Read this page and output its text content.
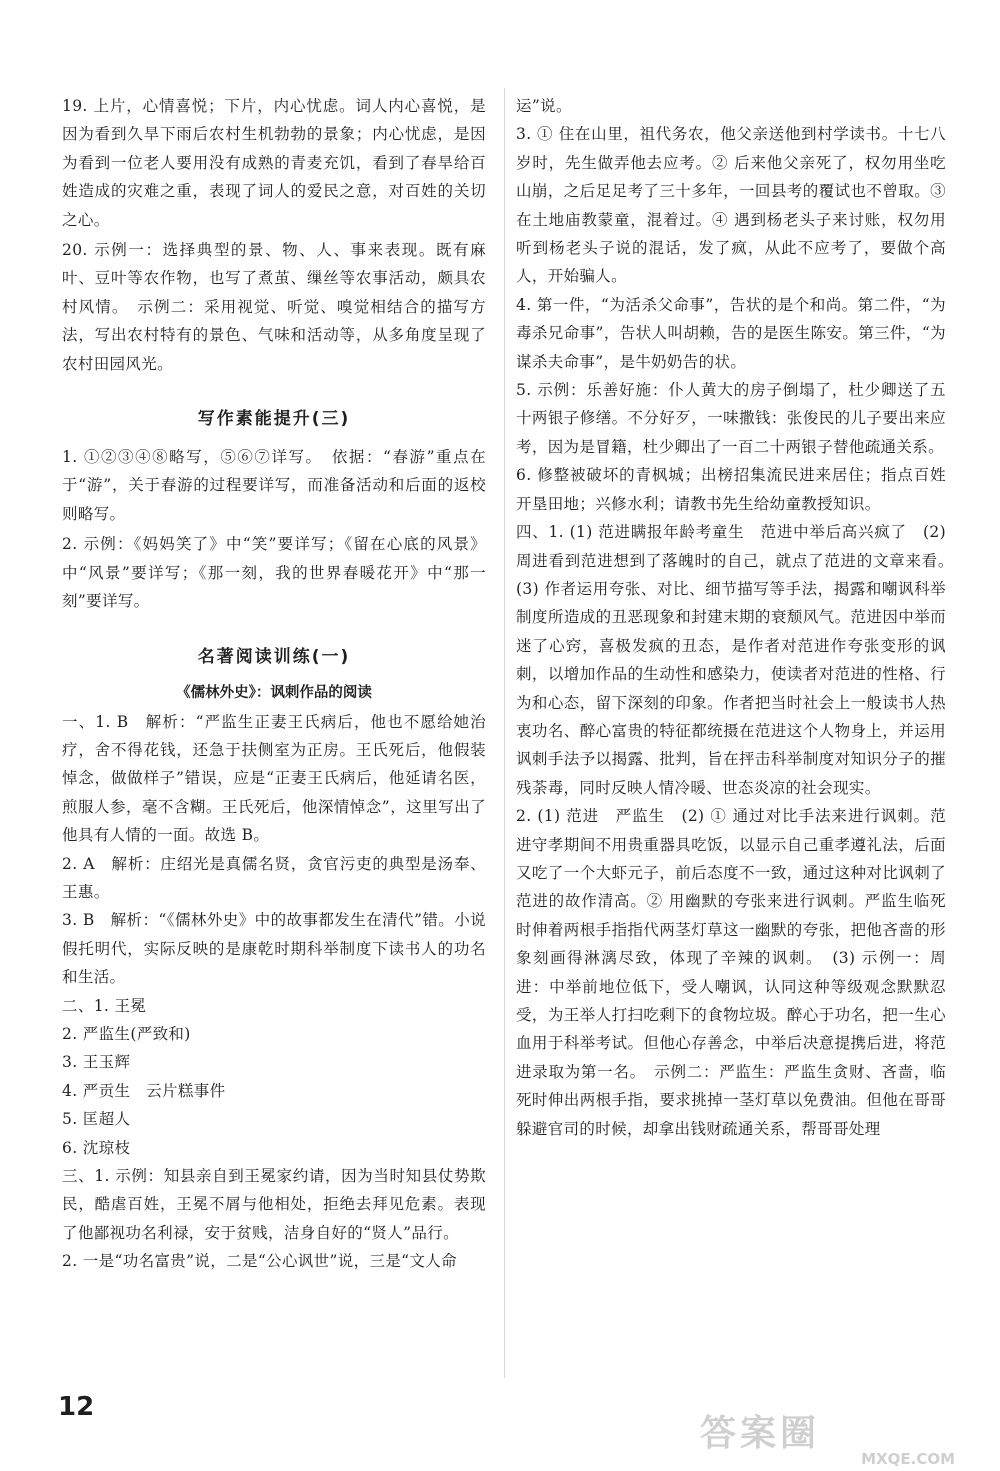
19. 上片，心情喜悦；下片，内心忧虑。词人内心喜悦，是因为看到久旱下雨后农村生机勃勃的景象；内心忧虑，是因为看到一位老人要用没有成熟的青麦充饥，看到了春旱给百姓造成的灾难之重，表现了词人的爱民之意，对百姓的关切之心。

20. 示例一：选择典型的景、物、人、事来表现。既有麻叶、豆叶等农作物，也写了煮茧、缫丝等农事活动，颇具农村风情。　示例二：采用视觉、听觉、嗅觉相结合的描写方法，写出农村特有的景色、气味和活动等，从多角度呈现了农村田园风光。

写作素能提升(三)

1. ①②③④⑧略写，⑤⑥⑦详写。　依据：“春游”重点在于“游”，关于春游的过程要详写，而准备活动和后面的返校则略写。

2. 示例：《妈妈笑了》中“笑”要详写；《留在心底的风景》中“风景”要详写；《那一刻，我的世界春暖花开》中“那一刻”要详写。

名著阅读训练(一)
《儒林外史》：讽刺作品的阅读

一、1. B　解析：“严监生正妻王氏病后，他也不愿给她治疗，舍不得花钱，还急于扶侧室为正房。王氏死后，他假装悼念，做做样子”错误，应是“正妻王氏病后，他延请名医，煎服人参，毫不含糊。王氏死后，他深情悼念”，这里写出了他具有人情的一面。故选 B。

2. A　解析：庄绍光是真儒名贤，贪官污吏的典型是汤奉、王惠。

3. B　解析：“《儒林外史》中的故事都发生在清代”错。小说假托明代，实际反映的是康乾时期科举制度下读书人的功名和生活。

二、1. 王冕

2. 严监生(严致和)

3. 王玉辉

4. 严贡生　云片糕事件

5. 匡超人

6. 沈琼枝

三、1. 示例：知县亲自到王冕家约请，因为当时知县仗势欺民，酷虐百姓，王冕不屑与他相处，拒绝去拜见危素。表现了他鄙视功名利禄，安于贫贱，洁身自好的“贤人”品行。

2. 一是“功名富贵”说，二是“公心讽世”说，三是“文人命

运”说。

3. ① 住在山里，祖代务农，他父亲送他到村学读书。十七八岁时，先生做弄他去应考。② 后来他父亲死了，权勿用坐吃山崩，之后足足考了三十多年，一回县考的覆试也不曾取。③ 在土地庙教蒙童，混着过。④ 遇到杨老头子来讨账，权勿用听到杨老头子说的混话，发了疯，从此不应考了，要做个高人，开始骗人。

4. 第一件，“为活杀父命事”，告状的是个和尚。第二件，“为毒杀兄命事”，告状人叫胡赖，告的是医生陈安。第三件，“为谋杀夫命事”，是牛奶奶告的状。

5. 示例：乐善好施：仆人黄大的房子倒塌了，杜少卿送了五十两银子修缮。不分好歹，一味撒钱：张俊民的儿子要出来应考，因为是冒籍，杜少卿出了一百二十两银子替他疏通关系。

6. 修整被破坏的青枫城；出榜招集流民进来居住；指点百姓开垦田地；兴修水利；请教书先生给幼童教授知识。

四、1. (1) 范进瞒报年龄考童生　范进中举后高兴疯了　(2) 周进看到范进想到了落魄时的自己，就点了范进的文章来看。　(3) 作者运用夸张、对比、细节描写等手法，揭露和嘲讽科举制度所造成的丑恶现象和封建末期的衰颓风气。范进因中举而迷了心窍，喜极发疯的丑态，是作者对范进作夸张变形的讽刺，以增加作品的生动性和感染力，使读者对范进的性格、行为和心态，留下深刻的印象。作者把当时社会上一般读书人热衷功名、醉心富贵的特征都统摄在范进这个人物身上，并运用讽刺手法予以揭露、批判，旨在抨击科举制度对知识分子的摧残荼毒，同时反映人情冷暖、世态炎凉的社会现实。

2. (1) 范进　严监生　(2) ① 通过对比手法来进行讽刺。范进守孝期间不用贵重器具吃饭，以显示自己重孝遵礼法，后面又吃了一个大虾元子，前后态度不一致，通过这种对比讽刺了范进的故作清高。② 用幽默的夸张来进行讽刺。严监生临死时伸着两根手指指代两茎灯草这一幽默的夸张，把他吝啬的形象刻画得淋漓尽致，体现了辛辣的讽刺。　(3) 示例一：周进：中举前地位低下，受人嘲讽，认同这种等级观念默默忍受，为王举人打扫吃剩下的食物垃圾。醉心于功名，把一生心血用于科举考试。但他心存善念，中举后决意提携后进，将范进录取为第一名。　示例二：严监生：严监生贪财、吝啬，临死时伸出两根手指，要求挑掉一茎灯草以免费油。但他在哥哥躲避官司的时候，却拿出钱财疏通关系，帮哥哥处理

12
答案圈
MXQE.COM
